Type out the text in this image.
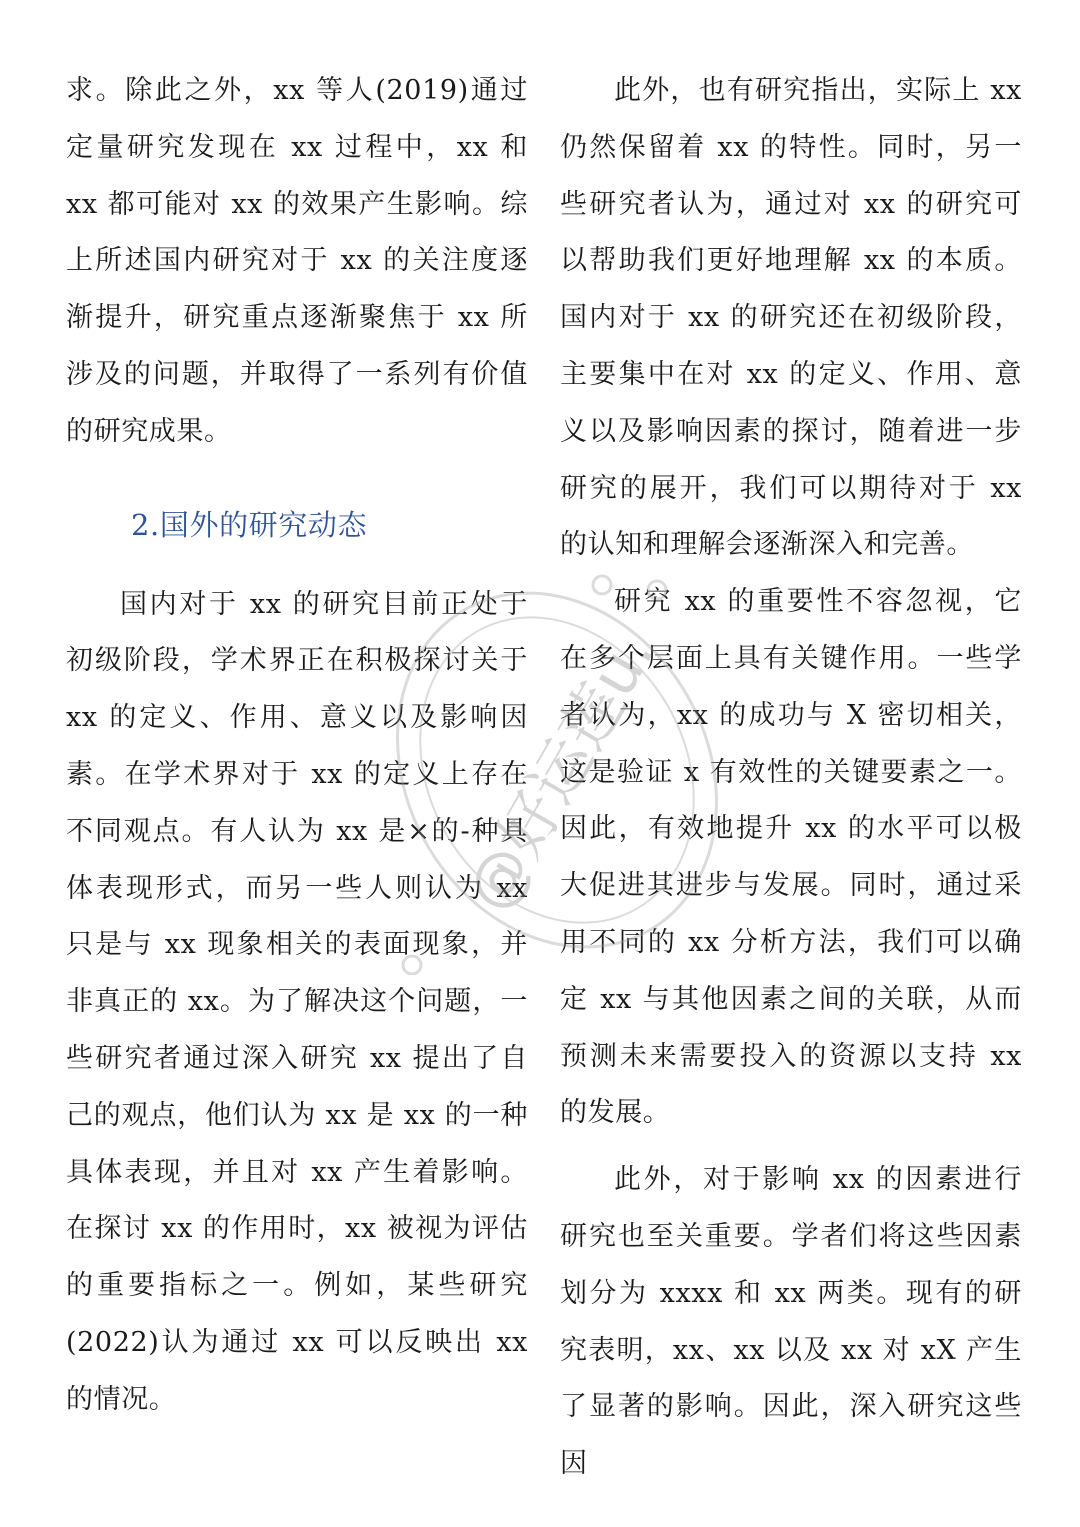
求。除此之外，xx 等人(2019)通过定量研究发现在 xx 过程中，xx 和 xx 都可能对 xx 的效果产生影响。综上所述国内研究对于 xx 的关注度逐渐提升，研究重点逐渐聚焦于 xx 所涉及的问题，并取得了一系列有价值的研究成果。

2.国外的研究动态

国内对于 xx 的研究目前正处于初级阶段，学术界正在积极探讨关于 xx 的定义、作用、意义以及影响因素。在学术界对于 xx 的定义上存在不同观点。有人认为 xx 是×的-种具体表现形式，而另一些人则认为 xx 只是与 xx 现象相关的表面现象，并非真正的 xx。为了解决这个问题，一些研究者通过深入研究 xx 提出了自己的观点，他们认为 xx 是 xx 的一种具体表现，并且对 xx 产生着影响。在探讨 xx 的作用时，xx 被视为评估的重要指标之一。例如，某些研究(2022)认为通过 xx 可以反映出 xx 的情况。

此外，也有研究指出，实际上 xx 仍然保留着 xx 的特性。同时，另一些研究者认为，通过对 xx 的研究可以帮助我们更好地理解 xx 的本质。国内对于 xx 的研究还在初级阶段，主要集中在对 xx 的定义、作用、意义以及影响因素的探讨，随着进一步研究的展开，我们可以期待对于 xx 的认知和理解会逐渐深入和完善。

研究 xx 的重要性不容忽视，它在多个层面上具有关键作用。一些学者认为，xx 的成功与 X 密切相关，这是验证 x 有效性的关键要素之一。因此，有效地提升 xx 的水平可以极大促进其进步与发展。同时，通过采用不同的 xx 分析方法，我们可以确定 xx 与其他因素之间的关联，从而预测未来需要投入的资源以支持 xx 的发展。

此外，对于影响 xx 的因素进行研究也至关重要。学者们将这些因素划分为 xxxx 和 xx 两类。现有的研究表明，xx、xx 以及 xx 对 xX 产生了显著的影响。因此，深入研究这些因

@好运莲u.
